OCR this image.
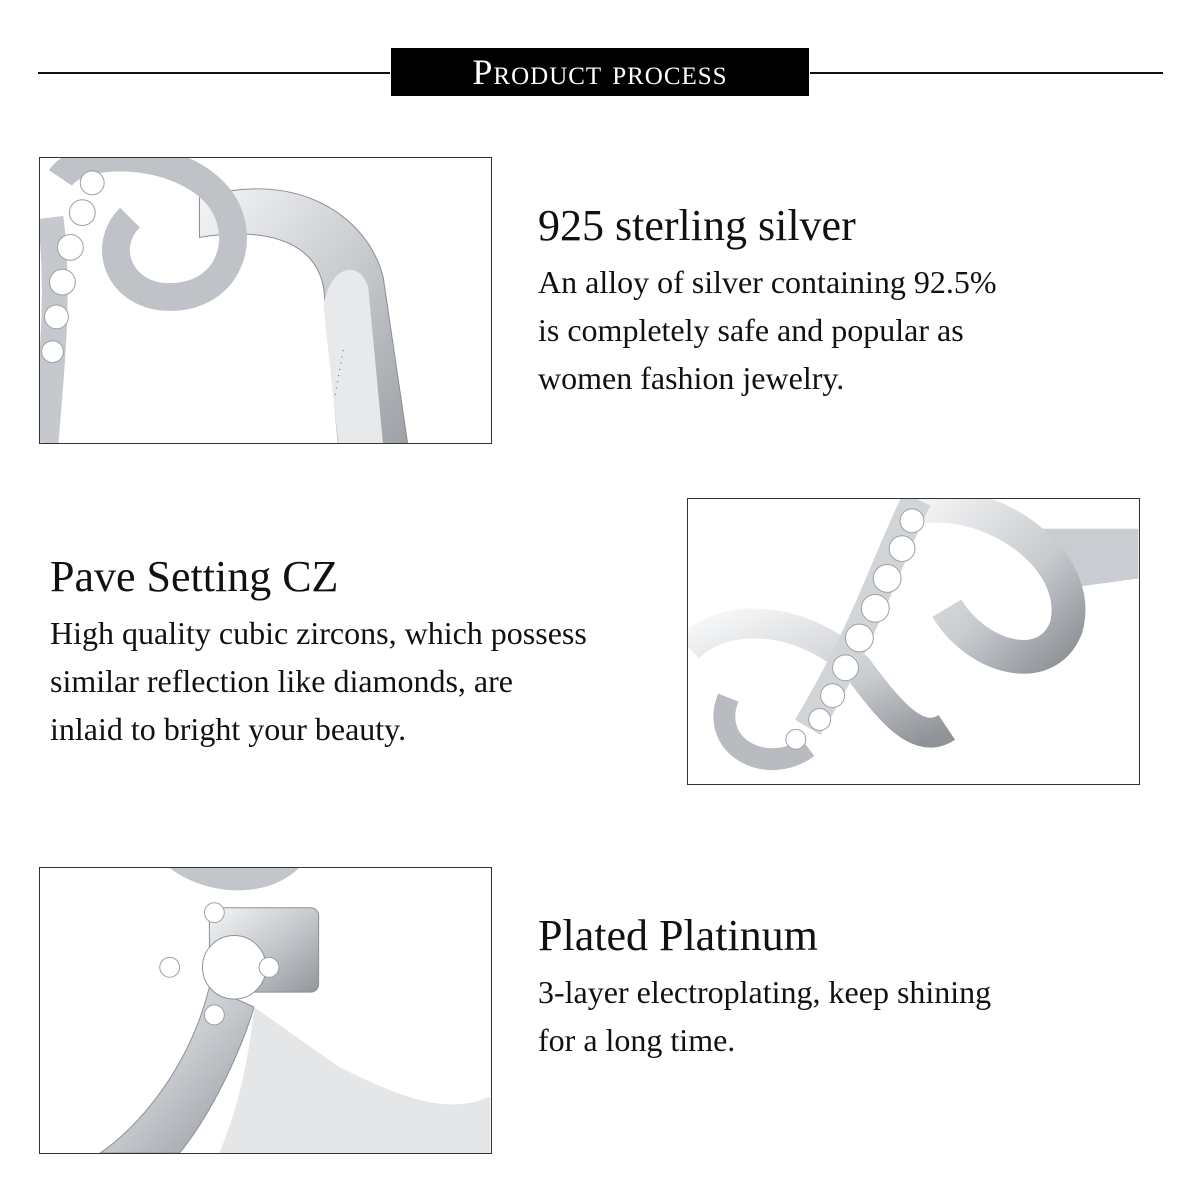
Product process
· · · · · · · ·
925 sterling silver

An alloy of silver containing 92.5%
is completely safe and popular as
women fashion jewelry.

Pave Setting CZ

High quality cubic zircons, which possess
similar reflection like diamonds, are
inlaid to bright your beauty.

Plated Platinum

3-layer electroplating, keep shining
for a long time.
